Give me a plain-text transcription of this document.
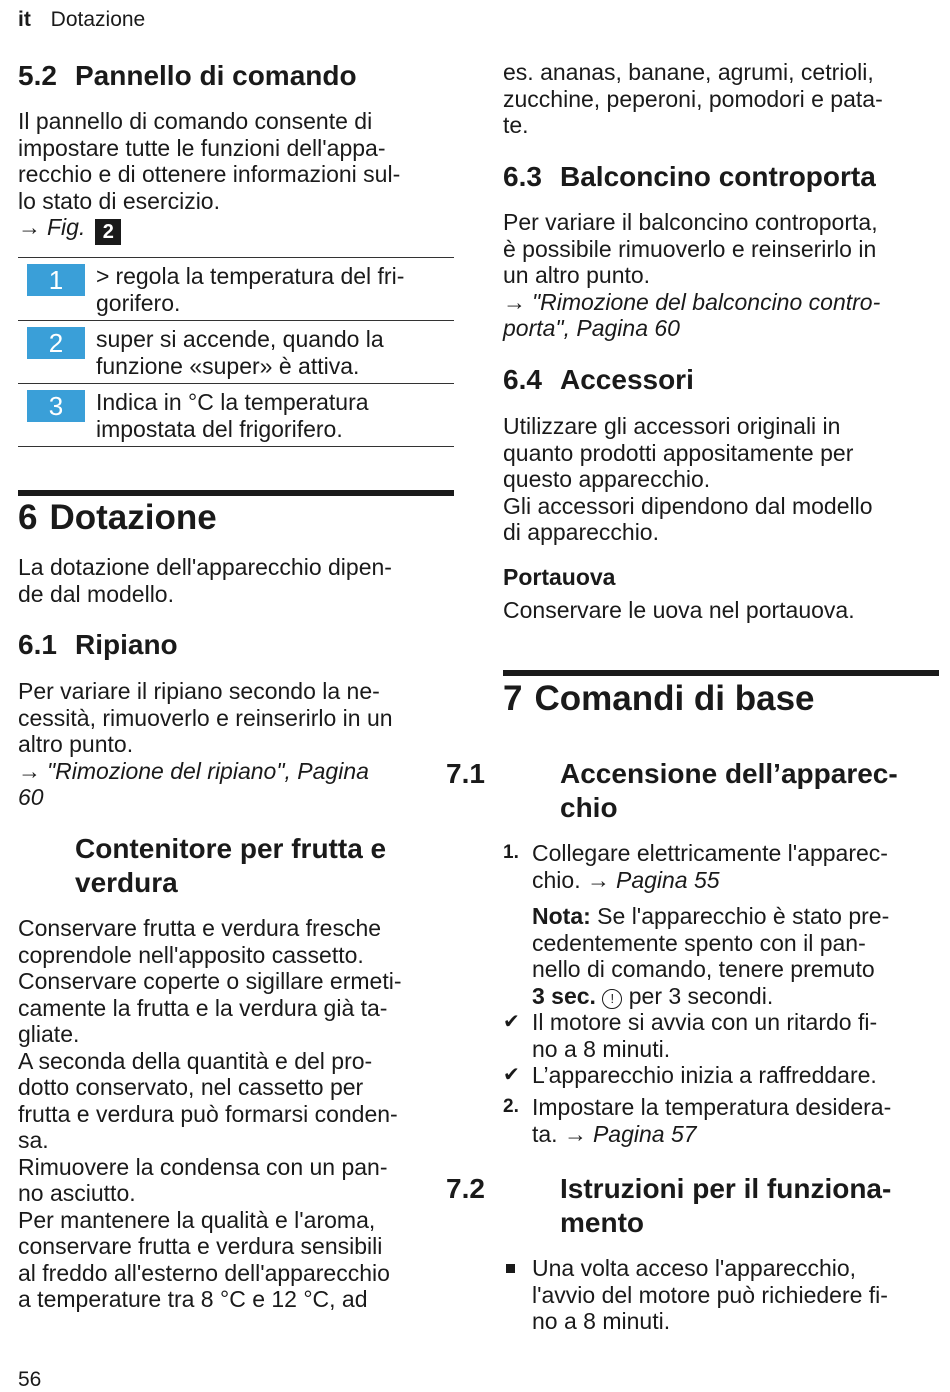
it Dotazione
5.2 Pannello di comando
Il pannello di comando consente di
impostare tutte le funzioni dell'appa-
recchio e di ottenere informazioni sul-
lo stato di esercizio.
→ Fig. 2
1	> regola la temperatura del fri-
gorifero.
2	super si accende, quando la
funzione «super» è attiva.
3	Indica in °C la temperatura
impostata del frigorifero.
6 Dotazione
La dotazione dell'apparecchio dipen-
de dal modello.
6.1 Ripiano
Per variare il ripiano secondo la ne-
cessità, rimuoverlo e reinserirlo in un
altro punto.
→ "Rimozione del ripiano", Pagina
60
Contenitore per frutta e
verdura
Conservare frutta e verdura fresche
coprendole nell'apposito cassetto.
Conservare coperte o sigillare ermeti-
camente la frutta e la verdura già ta-
gliate.
A seconda della quantità e del pro-
dotto conservato, nel cassetto per
frutta e verdura può formarsi conden-
sa.
Rimuovere la condensa con un pan-
no asciutto.
Per mantenere la qualità e l'aroma,
conservare frutta e verdura sensibili
al freddo all'esterno dell'apparecchio
a temperature tra 8 °C e 12 °C, ad
es. ananas, banane, agrumi, cetrioli,
zucchine, peperoni, pomodori e pata-
te.
6.3 Balconcino controporta
Per variare il balconcino controporta,
è possibile rimuoverlo e reinserirlo in
un altro punto.
→ "Rimozione del balconcino contro-
porta", Pagina 60
6.4 Accessori
Utilizzare gli accessori originali in
quanto prodotti appositamente per
questo apparecchio.
Gli accessori dipendono dal modello
di apparecchio.
Portauova
Conservare le uova nel portauova.
7 Comandi di base
7.1	Accensione dell’apparec-
chio
1. Collegare elettricamente l'apparec-
chio. → Pagina 55
Nota: Se l'apparecchio è stato pre-
cedentemente spento con il pan-
nello di comando, tenere premuto
3 sec. ! per 3 secondi.
✔ Il motore si avvia con un ritardo fi-
no a 8 minuti.
✔ L’apparecchio inizia a raffreddare.
2. Impostare la temperatura desidera-
ta. → Pagina 57
7.2	Istruzioni per il funziona-
mento
Una volta acceso l'apparecchio,
l'avvio del motore può richiedere fi-
no a 8 minuti.
56
